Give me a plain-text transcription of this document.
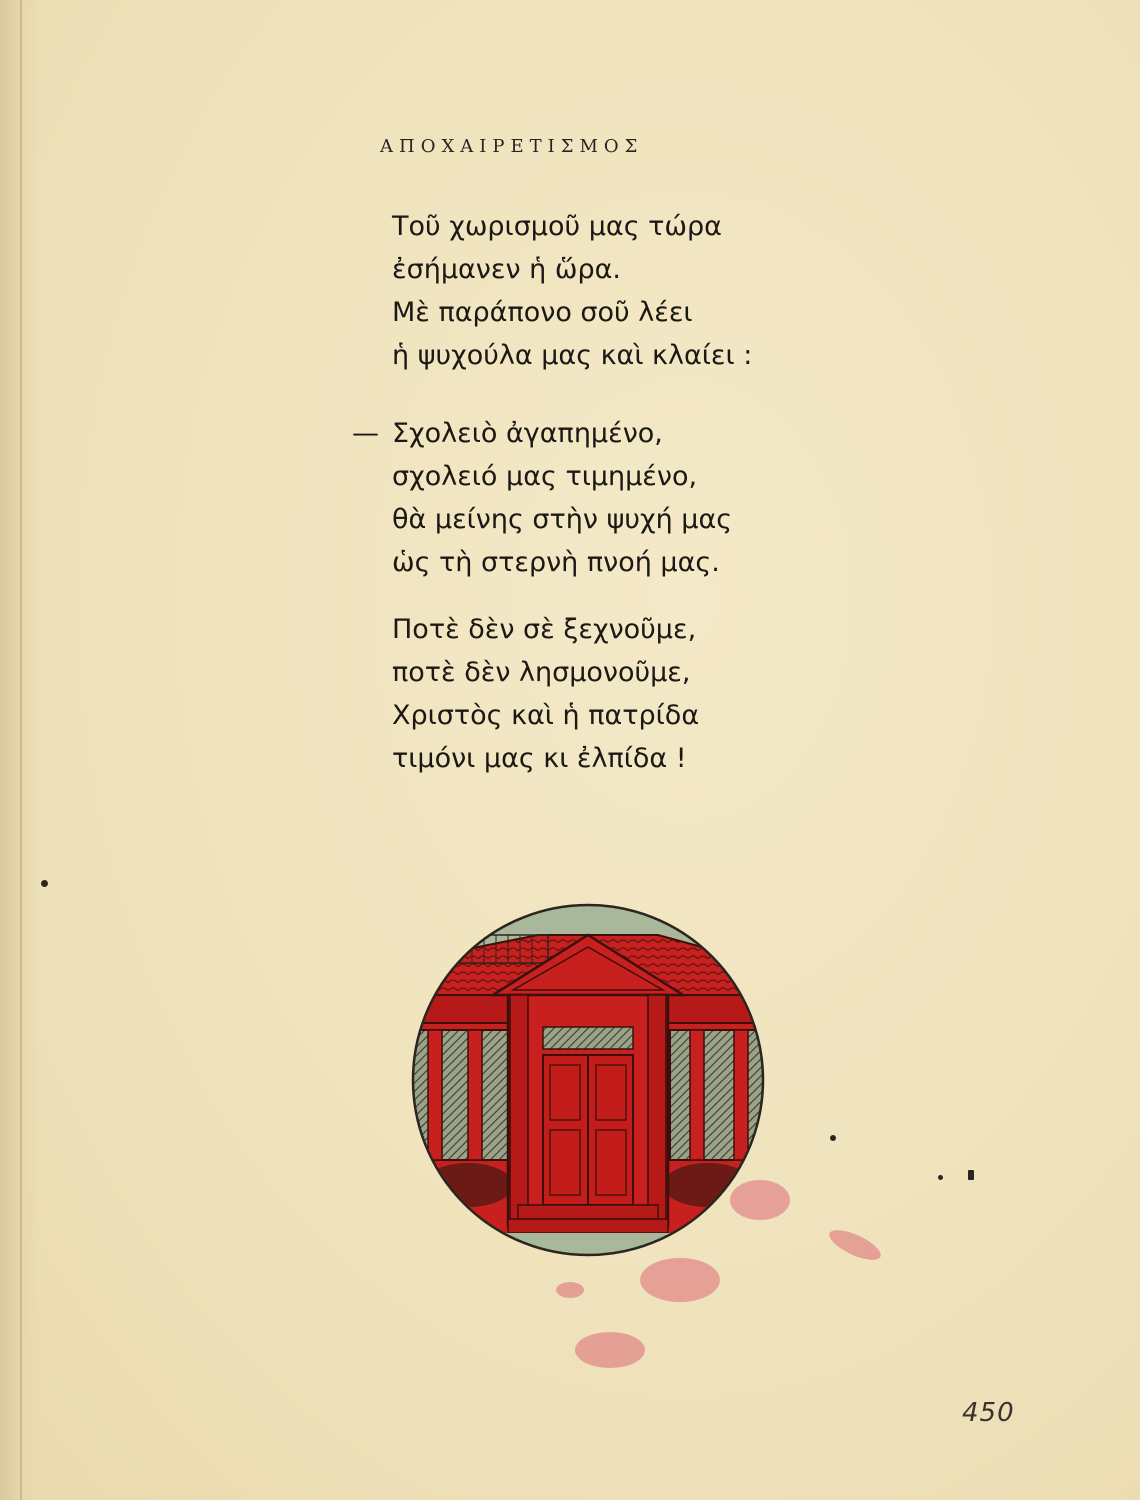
ΑΠΟΧΑΙΡΕΤΙΣΜΟΣ
Τοῦ χωρισμοῦ μας τώρα
ἐσήμανεν ἡ ὥρα.
Μὲ παράπονο σοῦ λέει
ἡ ψυχούλα μας καὶ κλαίει :
— Σχολειὸ ἀγαπημένο,
σχολειό μας τιμημένο,
θὰ μείνης στὴν ψυχή μας
ὡς τὴ στερνὴ πνοή μας.
Ποτὲ δὲν σὲ ξεχνοῦμε,
ποτὲ δὲν λησμονοῦμε,
Χριστὸς καὶ ἡ πατρίδα
τιμόνι μας κι ἐλπίδα !
450
